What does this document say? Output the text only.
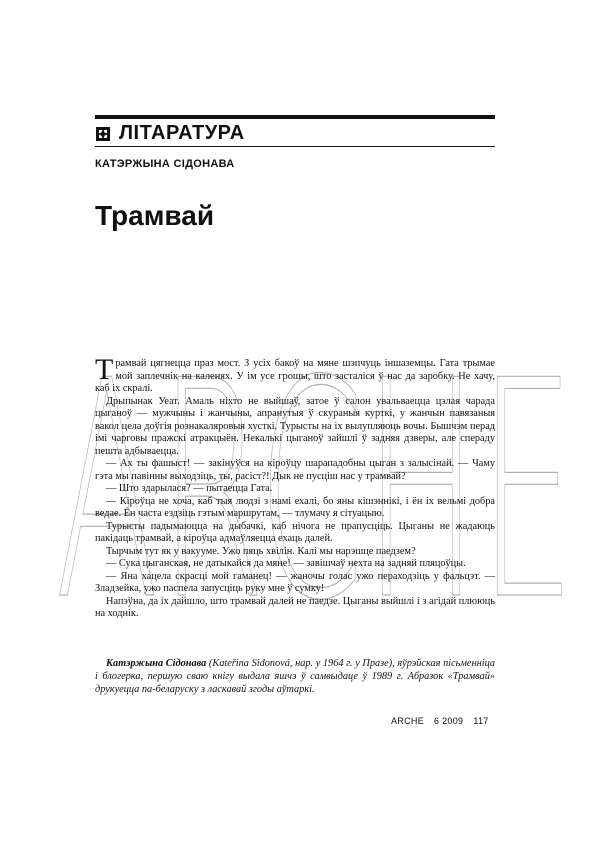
ЛІТАРАТУРА
КАТЭРЖЫНА СІДОНАВА
Трамвай
ARCHE

Трамвай цягнецца праз мост. З усіх бакоў на мяне шэпчуць іншаземцы. Гата трымае мой заплечнік на каленях. У ім усе грошы, што засталіся ў нас да заробку. Не хачу, каб іх скралі.

Дрыпынак Уеат. Амаль ніхто не выйшаў, затое ў салон увальваецца цэлая чарада цыганоў — мужчыны і жанчыны, апранутыя ў скураныя курткі, у жанчын павязаныя вакол цела доўгія рознакаляровыя хусткі. Турысты на іх вылупляюць вочы. Бышчэм перад імі чарговы пражскі атракцыён. Некалькі цыганоў зайшлі ў задняя дзверы, але спераду пешта адбываецца.

— Ах ты фашыст! — закінуўся на кіроўцу шарападобны цыган з залысінай. — Чаму гэта мы павінны выходзіць, ты, расіст?! Дык не пусціш нас у трамвай?

— Што здарылася? — пытаецца Гата.

— Кіроўца не хоча, каб тыя людзі з намі ехалі, бо яны кішэннікі, і ён іх вельмі добра ведае. Ён часта ездзіць гэтым маршрутам, — тлумачу я сітуацыю.

Турысты падымаюцца на дыбачкі, каб нічога не прапусціць. Цыганы не жадаюць пакідаць трамвай, а кіроўца адмаўляецца ехаць далей.

Тырчым тут як у вакууме. Ужо пяць хвілін. Калі мы нарэшце паедзем?

— Сука цыганская, не датыкайся да мяне! — завішчаў нехта на задняй пляцоўцы.

— Яна хацела скрасці мой гаманец! — жаночы голас ужо пераходзіць у фальцэт. — Зладзейка, ужо паспела запусціць руку мне ў сумку!

Напэўна, да іх дайшло, што трамвай далей не паедзе. Цыганы выйшлі і з агідай плююць на ходнік.

Катэржына Сідонава (Kateřina Sidonová, нар. у 1964 г. у Празе), яўрэйская пісьменніца і блогерка, першую сваю кнігу выдала яшчэ ў самвыдаце ў 1989 г. Абразок «Трамвай» друкуецца па-беларуску з ласкавай згоды аўтаркі.
ARCHE 6 2009 117
